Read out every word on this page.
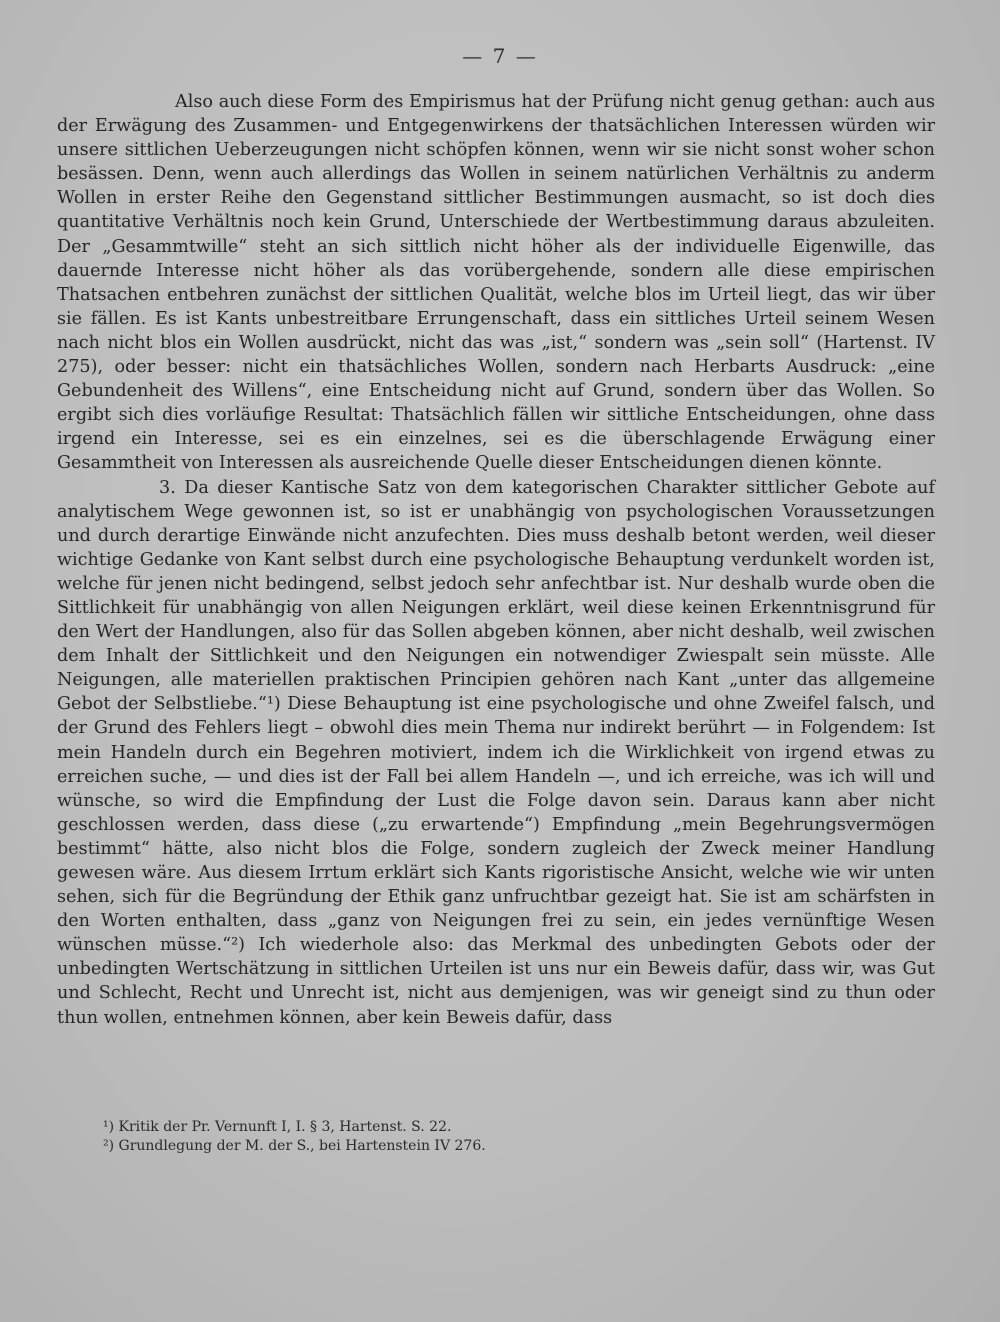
— 7 —

Also auch diese Form des Empirismus hat der Prüfung nicht genug gethan: auch aus der Erwägung des Zusammen- und Entgegenwirkens der thatsächlichen Interessen würden wir unsere sittlichen Ueberzeugungen nicht schöpfen können, wenn wir sie nicht sonst woher schon besässen. Denn, wenn auch allerdings das Wollen in seinem natürlichen Verhältnis zu anderm Wollen in erster Reihe den Gegenstand sittlicher Bestimmungen ausmacht, so ist doch dies quantitative Verhältnis noch kein Grund, Unterschiede der Wertbestimmung daraus abzuleiten. Der „Gesammtwille“ steht an sich sittlich nicht höher als der individuelle Eigenwille, das dauernde Interesse nicht höher als das vorübergehende, sondern alle diese empirischen Thatsachen entbehren zunächst der sittlichen Qualität, welche blos im Urteil liegt, das wir über sie fällen. Es ist Kants unbestreitbare Errungenschaft, dass ein sittliches Urteil seinem Wesen nach nicht blos ein Wollen ausdrückt, nicht das was „ist,“ sondern was „sein soll“ (Hartenst. IV 275), oder besser: nicht ein thatsächliches Wollen, sondern nach Herbarts Ausdruck: „eine Gebundenheit des Willens“, eine Entscheidung nicht auf Grund, sondern über das Wollen. So ergibt sich dies vorläufige Resultat: Thatsächlich fällen wir sittliche Entscheidungen, ohne dass irgend ein Interesse, sei es ein einzelnes, sei es die überschlagende Erwägung einer Gesammtheit von Interessen als ausreichende Quelle dieser Entscheidungen dienen könnte.

3. Da dieser Kantische Satz von dem kategorischen Charakter sittlicher Gebote auf analytischem Wege gewonnen ist, so ist er unabhängig von psychologischen Voraussetzungen und durch derartige Einwände nicht anzufechten. Dies muss deshalb betont werden, weil dieser wichtige Gedanke von Kant selbst durch eine psychologische Behauptung verdunkelt worden ist, welche für jenen nicht bedingend, selbst jedoch sehr anfechtbar ist. Nur deshalb wurde oben die Sittlichkeit für unabhängig von allen Neigungen erklärt, weil diese keinen Erkenntnisgrund für den Wert der Handlungen, also für das Sollen abgeben können, aber nicht deshalb, weil zwischen dem Inhalt der Sittlichkeit und den Neigungen ein notwendiger Zwiespalt sein müsste. Alle Neigungen, alle materiellen praktischen Principien gehören nach Kant „unter das allgemeine Gebot der Selbstliebe.“¹) Diese Behauptung ist eine psychologische und ohne Zweifel falsch, und der Grund des Fehlers liegt – obwohl dies mein Thema nur indirekt berührt — in Folgendem: Ist mein Handeln durch ein Begehren motiviert, indem ich die Wirklichkeit von irgend etwas zu erreichen suche, — und dies ist der Fall bei allem Handeln —, und ich erreiche, was ich will und wünsche, so wird die Empfindung der Lust die Folge davon sein. Daraus kann aber nicht geschlossen werden, dass diese („zu erwartende“) Empfindung „mein Begehrungsvermögen bestimmt“ hätte, also nicht blos die Folge, sondern zugleich der Zweck meiner Handlung gewesen wäre. Aus diesem Irrtum erklärt sich Kants rigoristische Ansicht, welche wie wir unten sehen, sich für die Begründung der Ethik ganz unfruchtbar gezeigt hat. Sie ist am schärfsten in den Worten enthalten, dass „ganz von Neigungen frei zu sein, ein jedes vernünftige Wesen wünschen müsse.“²) Ich wiederhole also: das Merkmal des unbedingten Gebots oder der unbedingten Wertschätzung in sittlichen Urteilen ist uns nur ein Beweis dafür, dass wir, was Gut und Schlecht, Recht und Unrecht ist, nicht aus demjenigen, was wir geneigt sind zu thun oder thun wollen, entnehmen können, aber kein Beweis dafür, dass

¹) Kritik der Pr. Vernunft I, I. § 3, Hartenst. S. 22.

²) Grundlegung der M. der S., bei Hartenstein IV 276.
